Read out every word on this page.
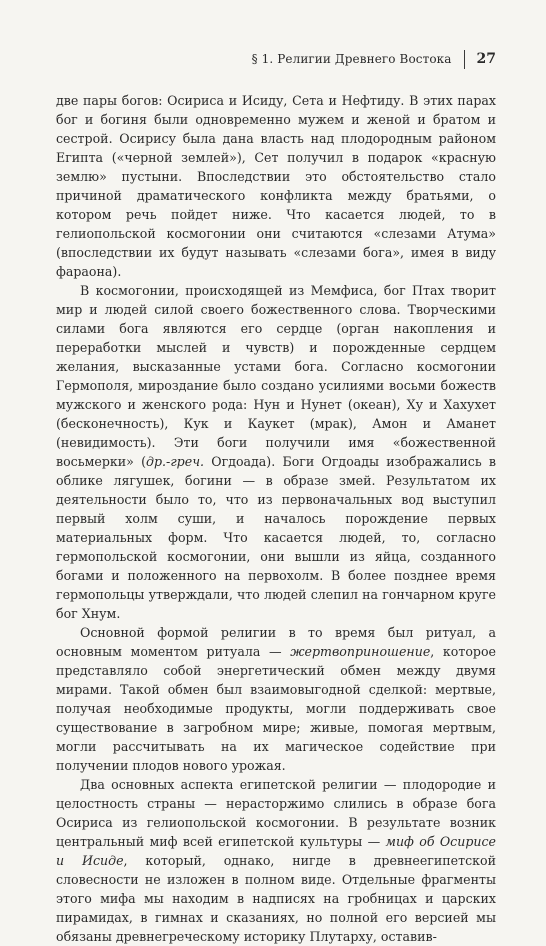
§ 1. Религии Древнего Востока	27

две пары богов: Осириса и Исиду, Сета и Нефтиду. В этих парах бог и богиня были одновременно мужем и женой и братом и сестрой. Осирису была дана власть над плодородным районом Египта («черной землей»), Сет получил в подарок «красную землю» пустыни. Впоследствии это обстоятельство стало причиной драматического конфликта между братьями, о котором речь пойдет ниже. Что касается людей, то в гелиопольской космогонии они считаются «слезами Атума» (впоследствии их будут называть «слезами бога», имея в виду фараона).

В космогонии, происходящей из Мемфиса, бог Птах творит мир и людей силой своего божественного слова. Творческими силами бога являются его сердце (орган накопления и переработки мыслей и чувств) и порожденные сердцем желания, высказанные устами бога. Согласно космогонии Гермополя, мироздание было создано усилиями восьми божеств мужского и женского рода: Нун и Нунет (океан), Ху и Хахухет (бесконечность), Кук и Каукет (мрак), Амон и Аманет (невидимость). Эти боги получили имя «божественной восьмерки» (др.-греч. Огдоада). Боги Огдоады изображались в облике лягушек, богини — в образе змей. Результатом их деятельности было то, что из первоначальных вод выступил первый холм суши, и началось порождение первых материальных форм. Что касается людей, то, согласно гермопольской космогонии, они вышли из яйца, созданного богами и положенного на первохолм. В более позднее время гермопольцы утверждали, что людей слепил на гончарном круге бог Хнум.

Основной формой религии в то время был ритуал, а основным моментом ритуала — жертвоприношение, которое представляло собой энергетический обмен между двумя мирами. Такой обмен был взаимовыгодной сделкой: мертвые, получая необходимые продукты, могли поддерживать свое существование в загробном мире; живые, помогая мертвым, могли рассчитывать на их магическое содействие при получении плодов нового урожая.

Два основных аспекта египетской религии — плодородие и целостность страны — нерасторжимо слились в образе бога Осириса из гелиопольской космогонии. В результате возник центральный миф всей египетской культуры — миф об Осирисе и Исиде, который, однако, нигде в древнеегипетской словесности не изложен в полном виде. Отдельные фрагменты этого мифа мы находим в надписях на гробницах и царских пирамидах, в гимнах и сказаниях, но полной его версией мы обязаны древнегреческому историку Плутарху, оставив-
